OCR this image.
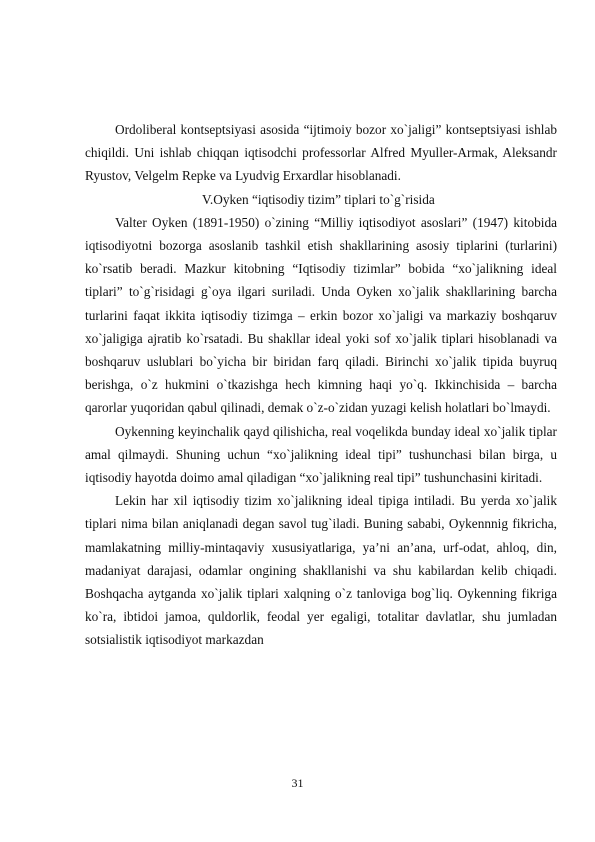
Ordoliberal kontseptsiyasi asosida “ijtimoiy bozor xo`jaligi” kontseptsiyasi ishlab chiqildi. Uni ishlab chiqqan iqtisodchi professorlar Alfred Myuller-Armak, Aleksandr Ryustov, Velgelm Repke va Lyudvig Erxardlar hisoblanadi.

V.Oyken “iqtisodiy tizim” tiplari to`g`risida

Valter Oyken (1891-1950) o`zining “Milliy iqtisodiyot asoslari” (1947) kitobida iqtisodiyotni bozorga asoslanib tashkil etish shakllarining asosiy tiplarini (turlarini) ko`rsatib beradi. Mazkur kitobning “Iqtisodiy tizimlar” bobida “xo`jalikning ideal tiplari” to`g`risidagi g`oya ilgari suriladi. Unda Oyken xo`jalik shakllarining barcha turlarini faqat ikkita iqtisodiy tizimga – erkin bozor xo`jaligi va markaziy boshqaruv xo`jaligiga ajratib ko`rsatadi. Bu shakllar ideal yoki sof xo`jalik tiplari hisoblanadi va boshqaruv uslublari bo`yicha bir biridan farq qiladi. Birinchi xo`jalik tipida buyruq berishga, o`z hukmini o`tkazishga hech kimning haqi yo`q. Ikkinchisida – barcha qarorlar yuqoridan qabul qilinadi, demak o`z-o`zidan yuzagi kelish holatlari bo`lmaydi.

Oykenning keyinchalik qayd qilishicha, real voqelikda bunday ideal xo`jalik tiplar amal qilmaydi. Shuning uchun “xo`jalikning ideal tipi” tushunchasi bilan birga, u iqtisodiy hayotda doimo amal qiladigan “xo`jalikning real tipi” tushunchasini kiritadi.

Lekin har xil iqtisodiy tizim xo`jalikning ideal tipiga intiladi. Bu yerda xo`jalik tiplari nima bilan aniqlanadi degan savol tug`iladi. Buning sababi, Oykennnig fikricha, mamlakatning milliy-mintaqaviy xususiyatlariga, ya’ni an’ana, urf-odat, ahloq, din, madaniyat darajasi, odamlar ongining shakllanishi va shu kabilardan kelib chiqadi. Boshqacha aytganda xo`jalik tiplari xalqning o`z tanloviga bog`liq. Oykenning fikriga ko`ra, ibtidoi jamoa, quldorlik, feodal yer egaligi, totalitar davlatlar, shu jumladan sotsialistik iqtisodiyot markazdan

31
